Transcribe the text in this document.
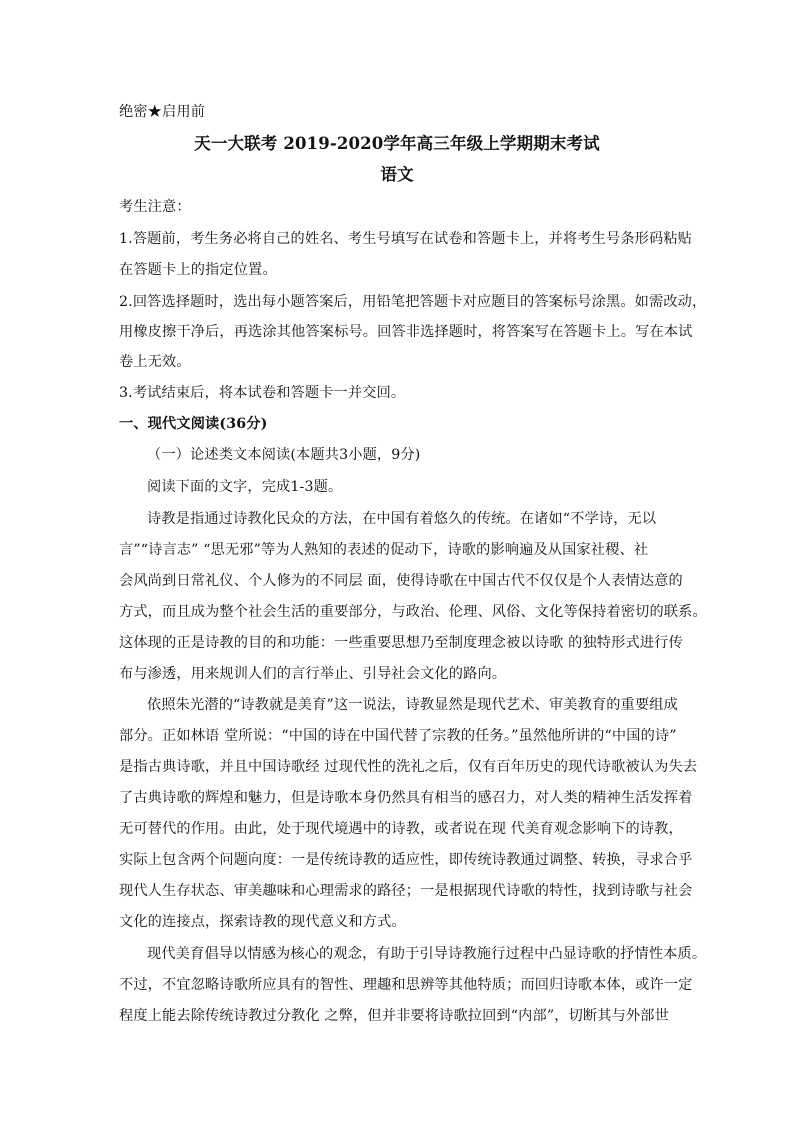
绝密★启用前
天一大联考 2019-2020学年高三年级上学期期末考试
语文
考生注意：
1.答题前，考生务必将自己的姓名、考生号填写在试卷和答题卡上，并将考生号条形码粘贴
在答题卡上的指定位置。
2.回答选择题时，选出每小题答案后，用铅笔把答题卡对应题目的答案标号涂黑。如需改动，
用橡皮擦干净后，再选涂其他答案标号。回答非选择题时，将答案写在答题卡上。写在本试
卷上无效。
3.考试结束后，将本试卷和答题卡一并交回。
一、现代文阅读(36分)
（一）论述类文本阅读(本题共3小题，9分)
阅读下面的文字，完成1-3题。
诗教是指通过诗教化民众的方法，在中国有着悠久的传统。在诸如“不学诗，无以
言”“诗言志” “思无邪”等为人熟知的表述的促动下，诗歌的影响遍及从国家社稷、社
会风尚到日常礼仪、个人修为的不同层 面，使得诗歌在中国古代不仅仅是个人表情达意的
方式，而且成为整个社会生活的重要部分，与政治、伦理、风俗、文化等保持着密切的联系。
这体现的正是诗教的目的和功能：一些重要思想乃至制度理念被以诗歌 的独特形式进行传
布与渗透，用来规训人们的言行举止、引导社会文化的路向。
依照朱光潜的“诗教就是美育”这一说法，诗教显然是现代艺术、审美教育的重要组成
部分。正如林语 堂所说：“中国的诗在中国代替了宗教的任务。”虽然他所讲的“中国的诗”
是指古典诗歌，并且中国诗歌经 过现代性的洗礼之后，仅有百年历史的现代诗歌被认为失去
了古典诗歌的辉煌和魅力，但是诗歌本身仍然具有相当的感召力，对人类的精神生活发挥着
无可替代的作用。由此，处于现代境遇中的诗教，或者说在现 代美育观念影响下的诗教，
实际上包含两个问题向度：一是传统诗教的适应性，即传统诗教通过调整、转换，寻求合乎
现代人生存状态、审美趣味和心理需求的路径；一是根据现代诗歌的特性，找到诗歌与社会
文化的连接点，探索诗教的现代意义和方式。
现代美育倡导以情感为核心的观念，有助于引导诗教施行过程中凸显诗歌的抒情性本质。
不过，不宜忽略诗歌所应具有的智性、理趣和思辨等其他特质；而回归诗歌本体，或许一定
程度上能去除传统诗教过分教化 之弊，但并非要将诗歌拉回到“内部”，切断其与外部世
